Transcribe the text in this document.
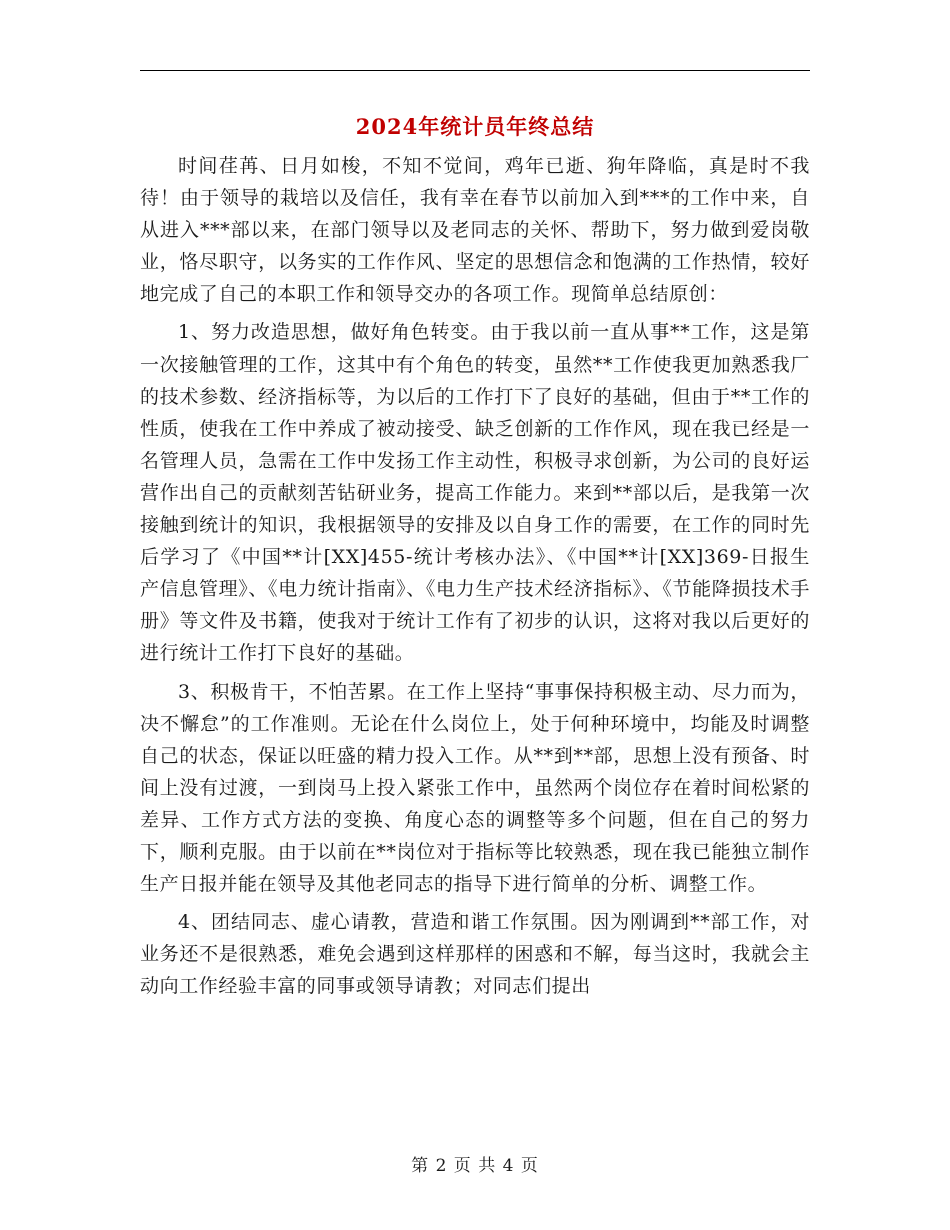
2024年统计员年终总结

时间荏苒、日月如梭，不知不觉间，鸡年已逝、狗年降临，真是时不我待！由于领导的栽培以及信任，我有幸在春节以前加入到***的工作中来，自从进入***部以来，在部门领导以及老同志的关怀、帮助下，努力做到爱岗敬业，恪尽职守，以务实的工作作风、坚定的思想信念和饱满的工作热情，较好地完成了自己的本职工作和领导交办的各项工作。现简单总结原创：

1、努力改造思想，做好角色转变。由于我以前一直从事**工作，这是第一次接触管理的工作，这其中有个角色的转变，虽然**工作使我更加熟悉我厂的技术参数、经济指标等，为以后的工作打下了良好的基础，但由于**工作的性质，使我在工作中养成了被动接受、缺乏创新的工作作风，现在我已经是一名管理人员，急需在工作中发扬工作主动性，积极寻求创新，为公司的良好运营作出自己的贡献刻苦钻研业务，提高工作能力。来到**部以后，是我第一次接触到统计的知识，我根据领导的安排及以自身工作的需要，在工作的同时先后学习了《中国**计[XX]455-统计考核办法》、《中国**计[XX]369-日报生产信息管理》、《电力统计指南》、《电力生产技术经济指标》、《节能降损技术手册》等文件及书籍，使我对于统计工作有了初步的认识，这将对我以后更好的进行统计工作打下良好的基础。

3、积极肯干，不怕苦累。在工作上坚持“事事保持积极主动、尽力而为，决不懈怠”的工作准则。无论在什么岗位上，处于何种环境中，均能及时调整自己的状态，保证以旺盛的精力投入工作。从**到**部，思想上没有预备、时间上没有过渡，一到岗马上投入紧张工作中，虽然两个岗位存在着时间松紧的差异、工作方式方法的变换、角度心态的调整等多个问题，但在自己的努力下，顺利克服。由于以前在**岗位对于指标等比较熟悉，现在我已能独立制作生产日报并能在领导及其他老同志的指导下进行简单的分析、调整工作。

4、团结同志、虚心请教，营造和谐工作氛围。因为刚调到**部工作，对业务还不是很熟悉，难免会遇到这样那样的困惑和不解，每当这时，我就会主动向工作经验丰富的同事或领导请教；对同志们提出

第 2 页 共 4 页
